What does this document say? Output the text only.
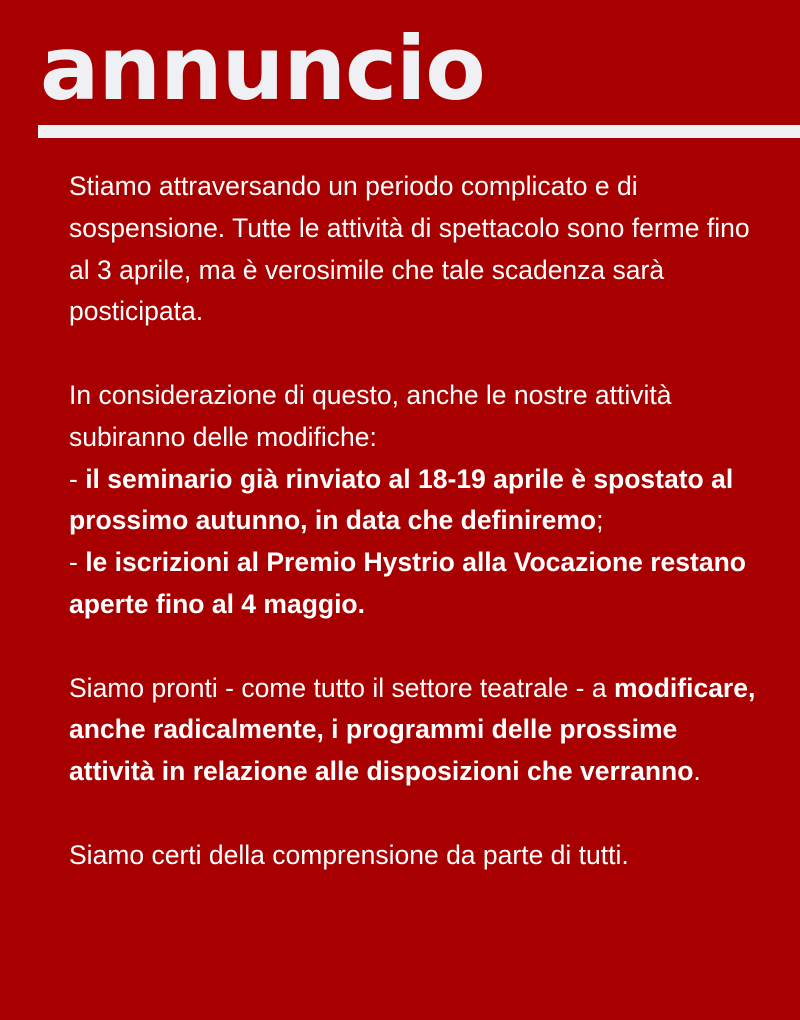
annuncio

Stiamo attraversando un periodo complicato e di sospensione. Tutte le attività di spettacolo sono ferme fino al 3 aprile, ma è verosimile che tale scadenza sarà posticipata.

In considerazione di questo, anche le nostre attività subiranno delle modifiche:

- il seminario già rinviato al 18-19 aprile è spostato al prossimo autunno, in data che definiremo;

- le iscrizioni al Premio Hystrio alla Vocazione restano aperte fino al 4 maggio.

Siamo pronti - come tutto il settore teatrale - a modificare, anche radicalmente, i programmi delle prossime attività in relazione alle disposizioni che verranno.

Siamo certi della comprensione da parte di tutti.
